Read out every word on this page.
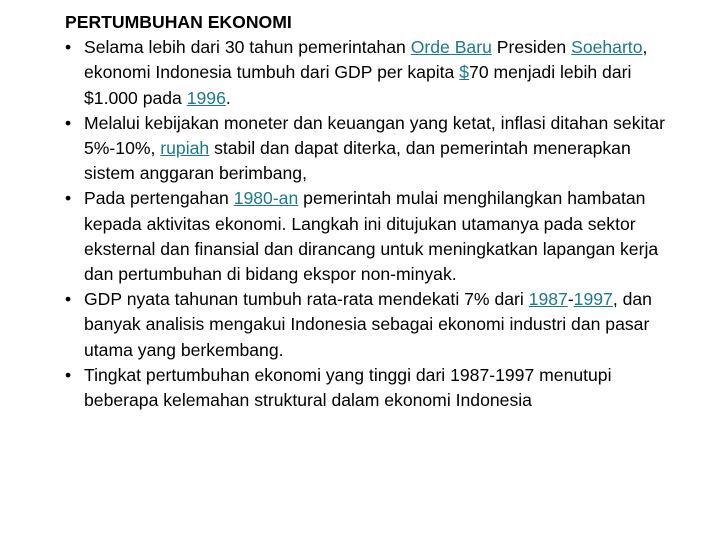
PERTUMBUHAN EKONOMI
• Selama lebih dari 30 tahun pemerintahan Orde Baru Presiden Soeharto, ekonomi Indonesia tumbuh dari GDP per kapita $70 menjadi lebih dari $1.000 pada 1996.
• Melalui kebijakan moneter dan keuangan yang ketat, inflasi ditahan sekitar 5%-10%, rupiah stabil dan dapat diterka, dan pemerintah menerapkan sistem anggaran berimbang,
• Pada pertengahan 1980-an pemerintah mulai menghilangkan hambatan kepada aktivitas ekonomi. Langkah ini ditujukan utamanya pada sektor eksternal dan finansial dan dirancang untuk meningkatkan lapangan kerja dan pertumbuhan di bidang ekspor non-minyak.
• GDP nyata tahunan tumbuh rata-rata mendekati 7% dari 1987-1997, dan banyak analisis mengakui Indonesia sebagai ekonomi industri dan pasar utama yang berkembang.
• Tingkat pertumbuhan ekonomi yang tinggi dari 1987-1997 menutupi beberapa kelemahan struktural dalam ekonomi Indonesia
